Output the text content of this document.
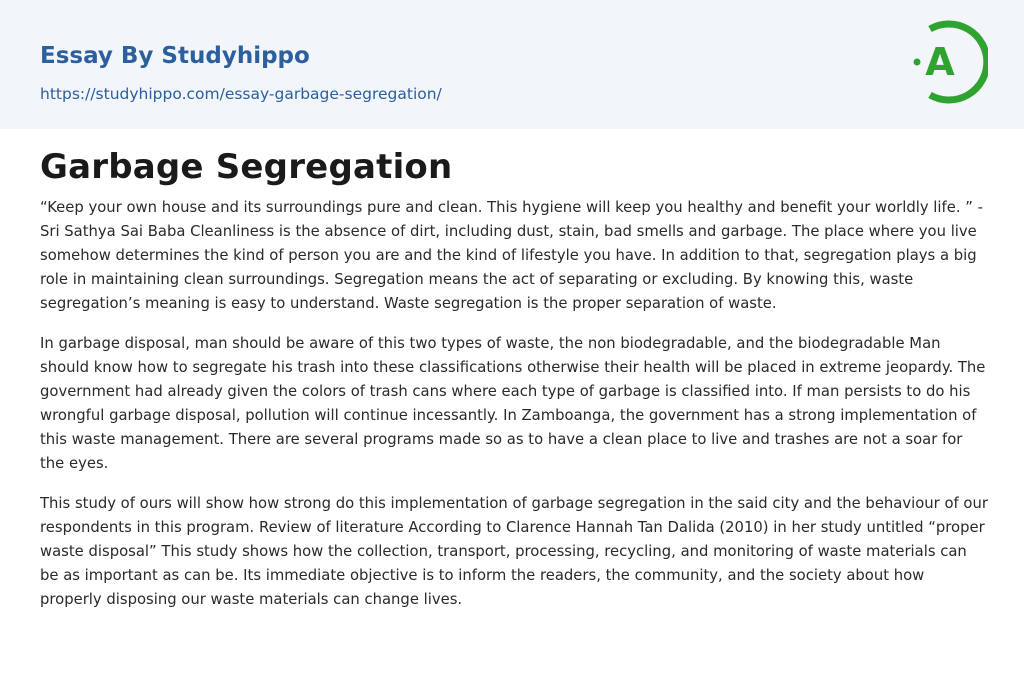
Essay By Studyhippo
https://studyhippo.com/essay-garbage-segregation/
A
Garbage Segregation

“Keep your own house and its surroundings pure and clean. This hygiene will keep you healthy and benefit your worldly life. ” -Sri Sathya Sai Baba Cleanliness is the absence of dirt, including dust, stain, bad smells and garbage. The place where you live somehow determines the kind of person you are and the kind of lifestyle you have. In addition to that, segregation plays a big role in maintaining clean surroundings. Segregation means the act of separating or excluding. By knowing this, waste segregation’s meaning is easy to understand. Waste segregation is the proper separation of waste.

In garbage disposal, man should be aware of this two types of waste, the non biodegradable, and the biodegradable Man should know how to segregate his trash into these classifications otherwise their health will be placed in extreme jeopardy. The government had already given the colors of trash cans where each type of garbage is classified into. If man persists to do his wrongful garbage disposal, pollution will continue incessantly. In Zamboanga, the government has a strong implementation of this waste management. There are several programs made so as to have a clean place to live and trashes are not a soar for the eyes.

This study of ours will show how strong do this implementation of garbage segregation in the said city and the behaviour of our respondents in this program. Review of literature According to Clarence Hannah Tan Dalida (2010) in her study untitled “proper waste disposal” This study shows how the collection, transport, processing, recycling, and monitoring of waste materials can be as important as can be. Its immediate objective is to inform the readers, the community, and the society about how properly disposing our waste materials can change lives.
